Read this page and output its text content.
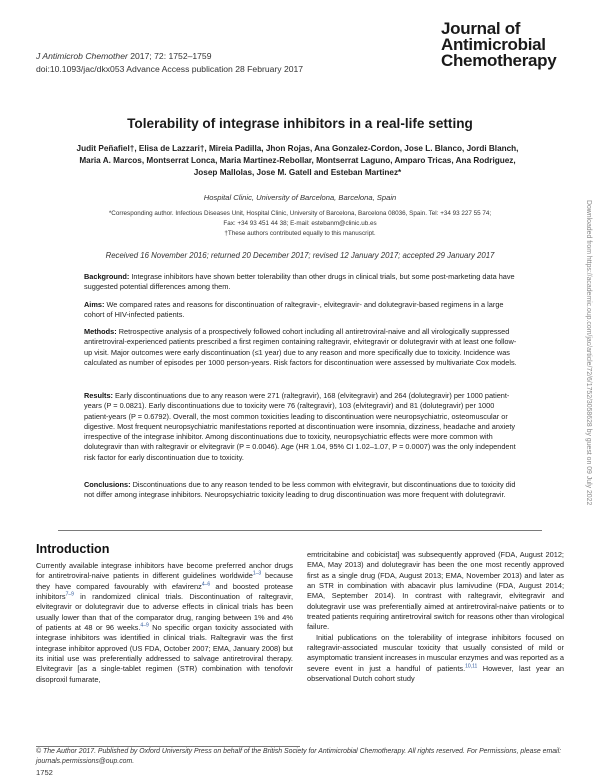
J Antimicrob Chemother 2017; 72: 1752–1759
doi:10.1093/jac/dkx053 Advance Access publication 28 February 2017
Journal of
Antimicrobial
Chemotherapy
Tolerability of integrase inhibitors in a real-life setting
Judit Peñafiel†, Elisa de Lazzari†, Mireia Padilla, Jhon Rojas, Ana Gonzalez-Cordon, Jose L. Blanco, Jordi Blanch,
Maria A. Marcos, Montserrat Lonca, Maria Martinez-Rebollar, Montserrat Laguno, Amparo Tricas, Ana Rodriguez,
Josep Mallolas, Jose M. Gatell and Esteban Martinez*
Hospital Clinic, University of Barcelona, Barcelona, Spain
*Corresponding author. Infectious Diseases Unit, Hospital Clinic, University of Barcelona, Barcelona 08036, Spain. Tel: +34 93 227 55 74;
Fax: +34 93 451 44 38; E-mail: estebanm@clinic.ub.es
†These authors contributed equally to this manuscript.
Received 16 November 2016; returned 20 December 2017; revised 12 January 2017; accepted 29 January 2017
Background: Integrase inhibitors have shown better tolerability than other drugs in clinical trials, but some post-marketing data have suggested potential differences among them.
Aims: We compared rates and reasons for discontinuation of raltegravir-, elvitegravir- and dolutegravir-based regimens in a large cohort of HIV-infected patients.
Methods: Retrospective analysis of a prospectively followed cohort including all antiretroviral-naive and all virologically suppressed antiretroviral-experienced patients prescribed a first regimen containing raltegravir, elvitegravir or dolutegravir with at least one follow-up visit. Major outcomes were early discontinuation (≤1 year) due to any reason and more specifically due to toxicity. Incidence was calculated as number of episodes per 1000 person-years. Risk factors for discontinuation were assessed by multivariate Cox models.
Results: Early discontinuations due to any reason were 271 (raltegravir), 168 (elvitegravir) and 264 (dolutegravir) per 1000 patient-years (P = 0.0821). Early discontinuations due to toxicity were 76 (raltegravir), 103 (elvitegravir) and 81 (dolutegravir) per 1000 patient-years (P = 0.6792). Overall, the most common toxicities leading to discontinuation were neuropsychiatric, osteomuscular or digestive. Most frequent neuropsychiatric manifestations reported at discontinuation were insomnia, dizziness, headache and anxiety irrespective of the integrase inhibitor. Among discontinuations due to toxicity, neuropsychiatric effects were more common with dolutegravir than with raltegravir or elvitegravir (P = 0.0046). Age (HR 1.04, 95% CI 1.02–1.07, P = 0.0007) was the only independent risk factor for early discontinuation due to toxicity.
Conclusions: Discontinuations due to any reason tended to be less common with elvitegravir, but discontinuations due to toxicity did not differ among integrase inhibitors. Neuropsychiatric toxicity leading to drug discontinuation was more frequent with dolutegravir.
Introduction

Currently available integrase inhibitors have become preferred anchor drugs for antiretroviral-naive patients in different guidelines worldwide$^{1-3}$ because they have compared favourably with efavirenz$^{4-6}$ and boosted protease inhibitors$^{7-9}$ in randomized clinical trials. Discontinuation of raltegravir, elvitegravir or dolutegravir due to adverse effects in clinical trials has been usually lower than that of the comparator drug, ranging between 1% and 4% of patients at 48 or 96 weeks.$^{4-9}$ No specific organ toxicity associated with integrase inhibitors was identified in clinical trials. Raltegravir was the first integrase inhibitor approved (US FDA, October 2007; EMA, January 2008) but its initial use was preferentially addressed to salvage antiretroviral therapy. Elvitegravir [as a single-tablet regimen (STR) combination with tenofovir disoproxil fumarate,

emtricitabine and cobicistat] was subsequently approved (FDA, August 2012; EMA, May 2013) and dolutegravir has been the one most recently approved first as a single drug (FDA, August 2013; EMA, November 2013) and later as an STR in combination with abacavir plus lamivudine (FDA, August 2014; EMA, September 2014). In contrast with raltegravir, elvitegravir and dolutegravir use was preferentially aimed at antiretroviral-naive patients or to treated patients requiring antiretroviral switch for reasons other than virological failure.

Initial publications on the tolerability of integrase inhibitors focused on raltegravir-associated muscular toxicity that usually consisted of mild or asymptomatic transient increases in muscular enzymes and was reported as a severe event in just a handful of patients.$^{10,11}$ However, last year an observational Dutch cohort study

© The Author 2017. Published by Oxford University Press on behalf of the British Society for Antimicrobial Chemotherapy. All rights reserved. For Permissions, please email: journals.permissions@oup.com.
1752
Downloaded from https://academic.oup.com/jac/article/72/6/1752/3058628 by guest on 09 July 2022
